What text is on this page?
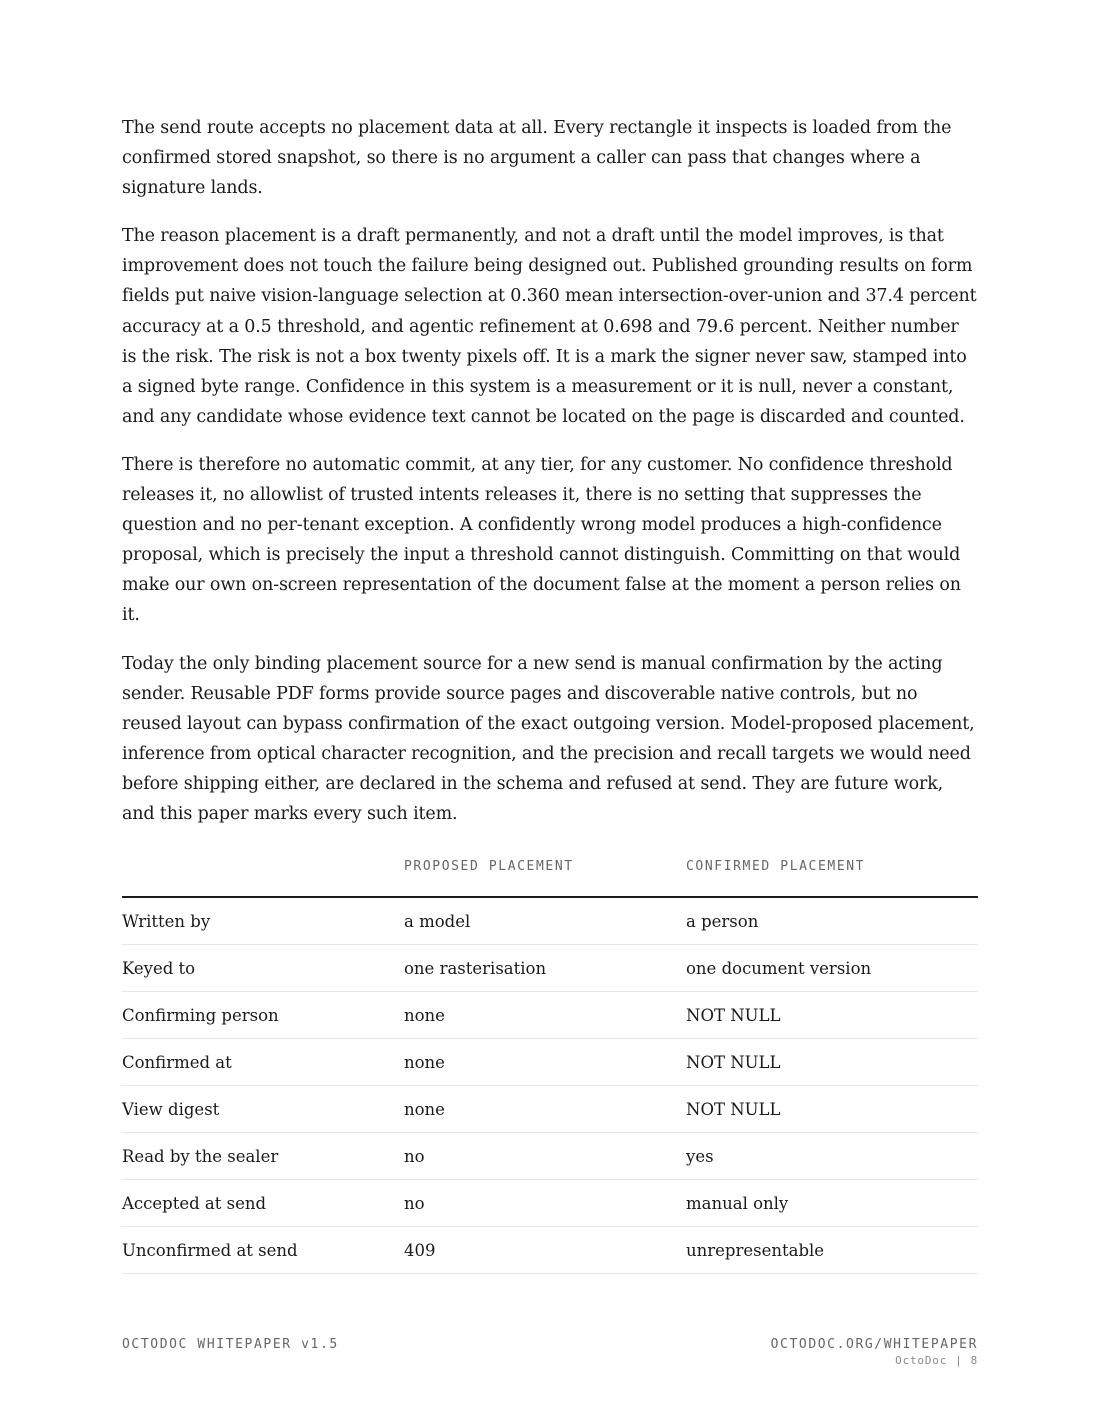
The send route accepts no placement data at all. Every rectangle it inspects is loaded from the confirmed stored snapshot, so there is no argument a caller can pass that changes where a signature lands.

The reason placement is a draft permanently, and not a draft until the model improves, is that improvement does not touch the failure being designed out. Published grounding results on form fields put naive vision-language selection at 0.360 mean intersection-over-union and 37.4 percent accuracy at a 0.5 threshold, and agentic refinement at 0.698 and 79.6 percent. Neither number is the risk. The risk is not a box twenty pixels off. It is a mark the signer never saw, stamped into a signed byte range. Confidence in this system is a measurement or it is null, never a constant, and any candidate whose evidence text cannot be located on the page is discarded and counted.

There is therefore no automatic commit, at any tier, for any customer. No confidence threshold releases it, no allowlist of trusted intents releases it, there is no setting that suppresses the question and no per-tenant exception. A confidently wrong model produces a high-confidence proposal, which is precisely the input a threshold cannot distinguish. Committing on that would make our own on-screen representation of the document false at the moment a person relies on it.

Today the only binding placement source for a new send is manual confirmation by the acting sender. Reusable PDF forms provide source pages and discoverable native controls, but no reused layout can bypass confirmation of the exact outgoing version. Model-proposed placement, inference from optical character recognition, and the precision and recall targets we would need before shipping either, are declared in the schema and refused at send. They are future work, and this paper marks every such item.

	PROPOSED PLACEMENT	CONFIRMED PLACEMENT
Written by	a model	a person
Keyed to	one rasterisation	one document version
Confirming person	none	NOT NULL
Confirmed at	none	NOT NULL
View digest	none	NOT NULL
Read by the sealer	no	yes
Accepted at send	no	manual only
Unconfirmed at send	409	unrepresentable
OCTODOC WHITEPAPER v1.5	OCTODOC.ORG/WHITEPAPER
OctoDoc | 8
